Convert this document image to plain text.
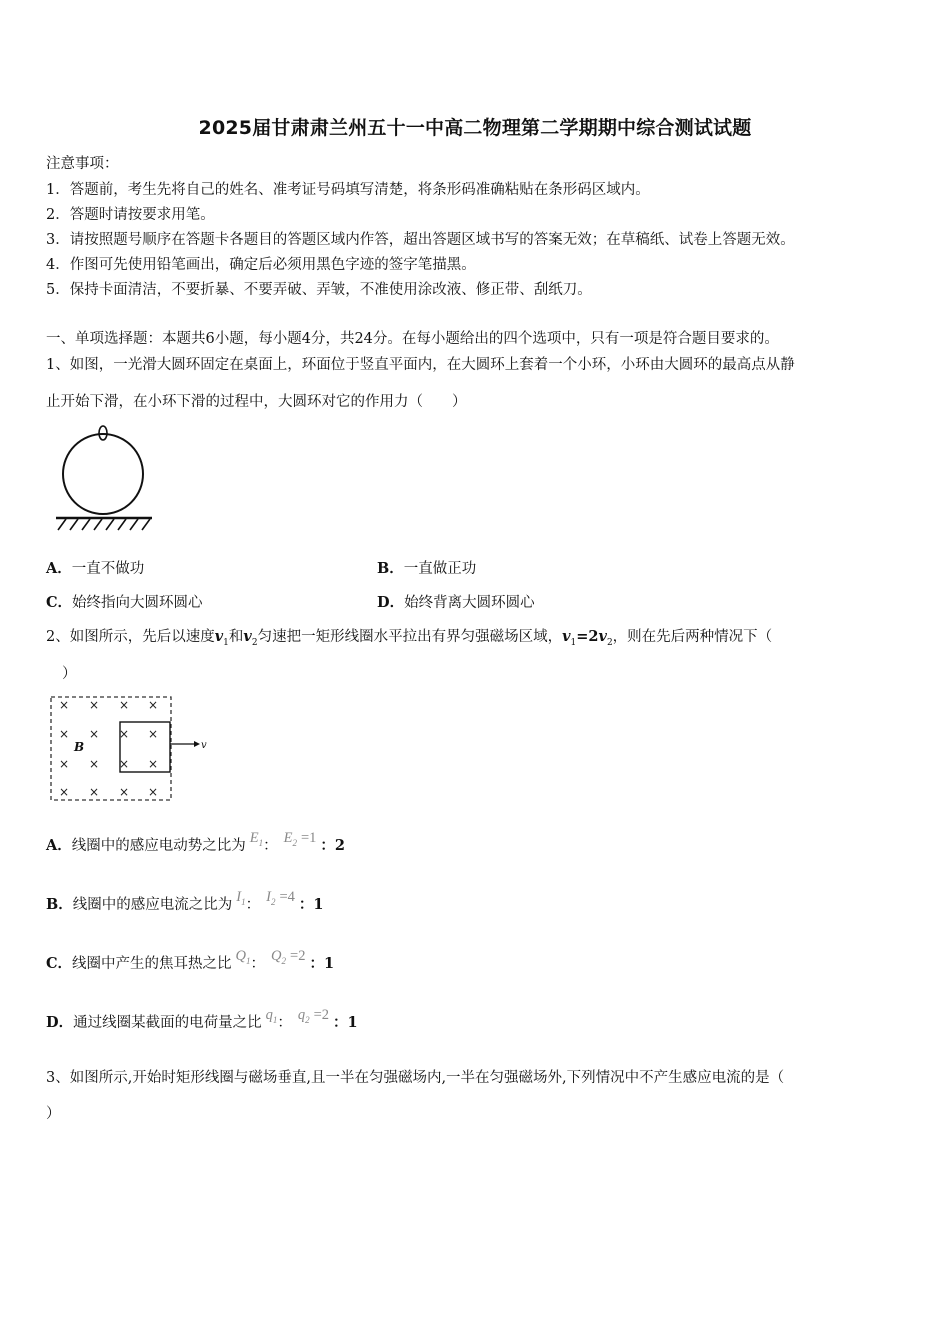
2025届甘肃肃兰州五十一中高二物理第二学期期中综合测试试题
注意事项：
1．答题前，考生先将自己的姓名、准考证号码填写清楚，将条形码准确粘贴在条形码区域内。
2．答题时请按要求用笔。
3．请按照题号顺序在答题卡各题目的答题区域内作答，超出答题区域书写的答案无效；在草稿纸、试卷上答题无效。
4．作图可先使用铅笔画出，确定后必须用黑色字迹的签字笔描黑。
5．保持卡面清洁，不要折暴、不要弄破、弄皱，不准使用涂改液、修正带、刮纸刀。
一、单项选择题：本题共6小题，每小题4分，共24分。在每小题给出的四个选项中，只有一项是符合题目要求的。
1、如图，一光滑大圆环固定在桌面上，环面位于竖直平面内，在大圆环上套着一个小环，小环由大圆环的最高点从静
止开始下滑，在小环下滑的过程中，大圆环对它的作用力（　　）
A．一直不做功	B．一直做正功
C．始终指向大圆环圆心	D．始终背离大圆环圆心
2、如图所示，先后以速度$v_1$和$v_2$匀速把一矩形线圈水平拉出有界匀强磁场区域，$v_1=2v_2$，则在先后两种情况下（
）
× × × ×
× × × ×
× × × ×
× × × ×
B	v
A．线圈中的感应电动势之比为 $E_1$： $E_2 =1$ ：2
B．线圈中的感应电流之比为 $I_1$： $I_2 =4$ ：1
C．线圈中产生的焦耳热之比 $Q_1$： $Q_2 =2$ ：1
D．通过线圈某截面的电荷量之比 $q_1$： $q_2 =2$ ：1
3、如图所示,开始时矩形线圈与磁场垂直,且一半在匀强磁场内,一半在匀强磁场外,下列情况中不产生感应电流的是（
）
